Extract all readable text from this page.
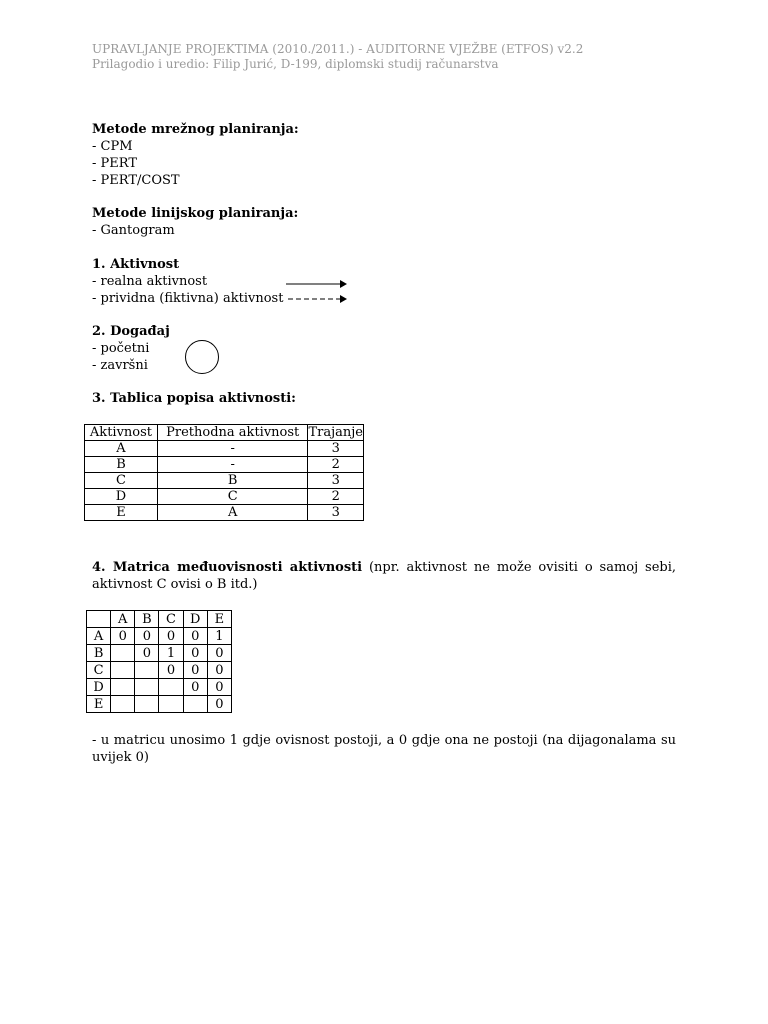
UPRAVLJANJE PROJEKTIMA (2010./2011.) - AUDITORNE VJEŽBE (ETFOS) v2.2
Prilagodio i uredio: Filip Jurić, D-199, diplomski studij računarstva
Metode mrežnog planiranja:
- CPM
- PERT
- PERT/COST
Metode linijskog planiranja:
- Gantogram
1. Aktivnost
- realna aktivnost
- prividna (fiktivna) aktivnost
2. Događaj
- početni
- završni
3. Tablica popisa aktivnosti:
Aktivnost	Prethodna aktivnost	Trajanje
A	-	3
B	-	2
C	B	3
D	C	2
E	A	3
4. Matrica međuovisnosti aktivnosti (npr. aktivnost ne može ovisiti o samoj sebi, aktivnost C ovisi o B itd.)
	A	B	C	D	E
A	0	0	0	0	1
B		0	1	0	0
C			0	0	0
D				0	0
E					0
- u matricu unosimo 1 gdje ovisnost postoji, a 0 gdje ona ne postoji (na dijagonalama su uvijek 0)
